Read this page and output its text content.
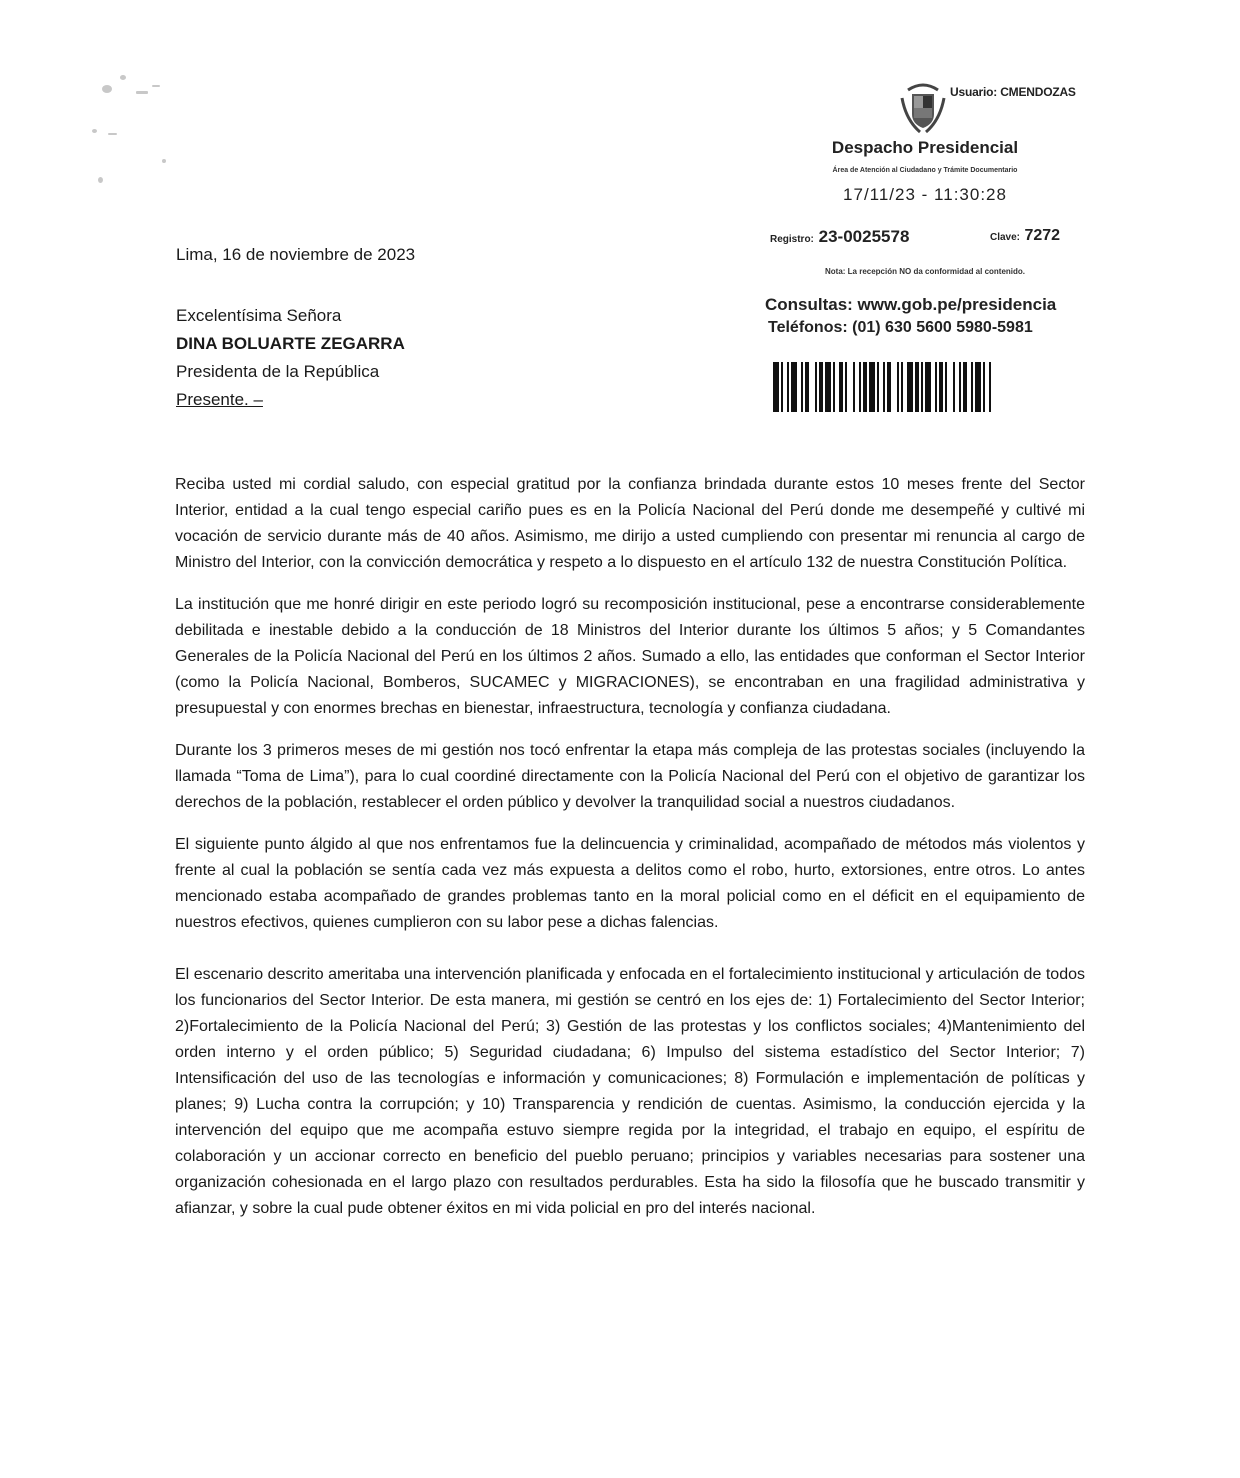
Usuario: CMENDOZAS
Despacho Presidencial
Área de Atención al Ciudadano y Trámite Documentario
17/11/23 - 11:30:28
Registro: 23-0025578	Clave: 7272
Nota: La recepción NO da conformidad al contenido.
Consultas: www.gob.pe/presidencia
Teléfonos: (01) 630 5600 5980-5981
Lima, 16 de noviembre de 2023
Excelentísima Señora
DINA BOLUARTE ZEGARRA
Presidenta de la República
Presente. –

Reciba usted mi cordial saludo, con especial gratitud por la confianza brindada durante estos 10 meses frente del Sector Interior, entidad a la cual tengo especial cariño pues es en la Policía Nacional del Perú donde me desempeñé y cultivé mi vocación de servicio durante más de 40 años. Asimismo, me dirijo a usted cumpliendo con presentar mi renuncia al cargo de Ministro del Interior, con la convicción democrática y respeto a lo dispuesto en el artículo 132 de nuestra Constitución Política.

La institución que me honré dirigir en este periodo logró su recomposición institucional, pese a encontrarse considerablemente debilitada e inestable debido a la conducción de 18 Ministros del Interior durante los últimos 5 años; y 5 Comandantes Generales de la Policía Nacional del Perú en los últimos 2 años. Sumado a ello, las entidades que conforman el Sector Interior (como la Policía Nacional, Bomberos, SUCAMEC y MIGRACIONES), se encontraban en una fragilidad administrativa y presupuestal y con enormes brechas en bienestar, infraestructura, tecnología y confianza ciudadana.

Durante los 3 primeros meses de mi gestión nos tocó enfrentar la etapa más compleja de las protestas sociales (incluyendo la llamada “Toma de Lima”), para lo cual coordiné directamente con la Policía Nacional del Perú con el objetivo de garantizar los derechos de la población, restablecer el orden público y devolver la tranquilidad social a nuestros ciudadanos.

El siguiente punto álgido al que nos enfrentamos fue la delincuencia y criminalidad, acompañado de métodos más violentos y frente al cual la población se sentía cada vez más expuesta a delitos como el robo, hurto, extorsiones, entre otros. Lo antes mencionado estaba acompañado de grandes problemas tanto en la moral policial como en el déficit en el equipamiento de nuestros efectivos, quienes cumplieron con su labor pese a dichas falencias.

El escenario descrito ameritaba una intervención planificada y enfocada en el fortalecimiento institucional y articulación de todos los funcionarios del Sector Interior. De esta manera, mi gestión se centró en los ejes de: 1) Fortalecimiento del Sector Interior; 2)Fortalecimiento de la Policía Nacional del Perú; 3) Gestión de las protestas y los conflictos sociales; 4)Mantenimiento del orden interno y el orden público; 5) Seguridad ciudadana; 6) Impulso del sistema estadístico del Sector Interior; 7) Intensificación del uso de las tecnologías e información y comunicaciones; 8) Formulación e implementación de políticas y planes; 9) Lucha contra la corrupción; y 10) Transparencia y rendición de cuentas. Asimismo, la conducción ejercida y la intervención del equipo que me acompaña estuvo siempre regida por la integridad, el trabajo en equipo, el espíritu de colaboración y un accionar correcto en beneficio del pueblo peruano; principios y variables necesarias para sostener una organización cohesionada en el largo plazo con resultados perdurables. Esta ha sido la filosofía que he buscado transmitir y afianzar, y sobre la cual pude obtener éxitos en mi vida policial en pro del interés nacional.
